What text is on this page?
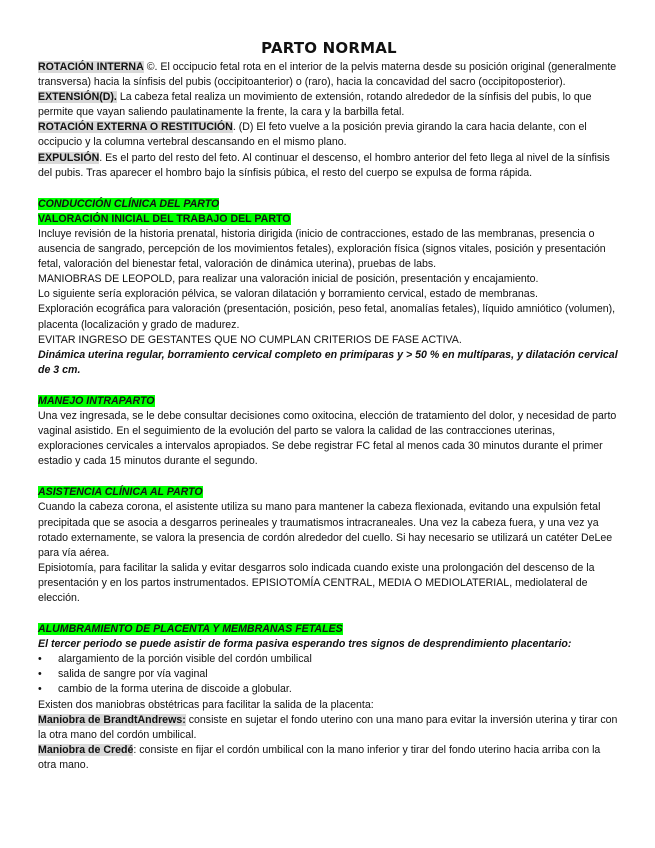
PARTO NORMAL

ROTACIÓN INTERNA ©. El occipucio fetal rota en el interior de la pelvis materna desde su posición original (generalmente transversa) hacia la sínfisis del pubis (occipitoanterior) o (raro), hacia la concavidad del sacro (occipitoposterior).

EXTENSIÓN(D). La cabeza fetal realiza un movimiento de extensión, rotando alrededor de la sínfisis del pubis, lo que permite que vayan saliendo paulatinamente la frente, la cara y la barbilla fetal.

ROTACIÓN EXTERNA O RESTITUCIÓN. (D) El feto vuelve a la posición previa girando la cara hacia delante, con el occipucio y la columna vertebral descansando en el mismo plano.

EXPULSIÓN. Es el parto del resto del feto. Al continuar el descenso, el hombro anterior del feto llega al nivel de la sínfisis del pubis. Tras aparecer el hombro bajo la sínfisis púbica, el resto del cuerpo se expulsa de forma rápida.

CONDUCCIÓN CLÍNICA DEL PARTO

VALORACIÓN INICIAL DEL TRABAJO DEL PARTO

Incluye revisión de la historia prenatal, historia dirigida (inicio de contracciones, estado de las membranas, presencia o ausencia de sangrado, percepción de los movimientos fetales), exploración física (signos vitales, posición y presentación fetal, valoración del bienestar fetal, valoración de dinámica uterina), pruebas de labs.

MANIOBRAS DE LEOPOLD, para realizar una valoración inicial de posición, presentación y encajamiento.

Lo siguiente sería exploración pélvica, se valoran dilatación y borramiento cervical, estado de membranas.

Exploración ecográfica para valoración (presentación, posición, peso fetal, anomalías fetales), líquido amniótico (volumen), placenta (localización y grado de madurez.

EVITAR INGRESO DE GESTANTES QUE NO CUMPLAN CRITERIOS DE FASE ACTIVA.

Dinámica uterina regular, borramiento cervical completo en primíparas y > 50 % en multíparas, y dilatación cervical de 3 cm.

MANEJO INTRAPARTO

Una vez ingresada, se le debe consultar decisiones como oxitocina, elección de tratamiento del dolor, y necesidad de parto vaginal asistido. En el seguimiento de la evolución del parto se valora la calidad de las contracciones uterinas, exploraciones cervicales a intervalos apropiados. Se debe registrar FC fetal al menos cada 30 minutos durante el primer estadio y cada 15 minutos durante el segundo.

ASISTENCIA CLÍNICA AL PARTO

Cuando la cabeza corona, el asistente utiliza su mano para mantener la cabeza flexionada, evitando una expulsión fetal precipitada que se asocia a desgarros perineales y traumatismos intracraneales. Una vez la cabeza fuera, y una vez ya rotado externamente, se valora la presencia de cordón alrededor del cuello. Si hay necesario se utilizará un catéter DeLee para vía aérea.

Episiotomía, para facilitar la salida y evitar desgarros solo indicada cuando existe una prolongación del descenso de la presentación y en los partos instrumentados. EPISIOTOMÍA CENTRAL, MEDIA O MEDIOLATERIAL, mediolateral de elección.

ALUMBRAMIENTO DE PLACENTA Y MEMBRANAS FETALES

El tercer periodo se puede asistir de forma pasiva esperando tres signos de desprendimiento placentario:

• alargamiento de la porción visible del cordón umbilical
• salida de sangre por vía vaginal
• cambio de la forma uterina de discoide a globular.

Existen dos maniobras obstétricas para facilitar la salida de la placenta:

Maniobra de BrandtAndrews: consiste en sujetar el fondo uterino con una mano para evitar la inversión uterina y tirar con la otra mano del cordón umbilical.

Maniobra de Credé: consiste en fijar el cordón umbilical con la mano inferior y tirar del fondo uterino hacia arriba con la otra mano.
